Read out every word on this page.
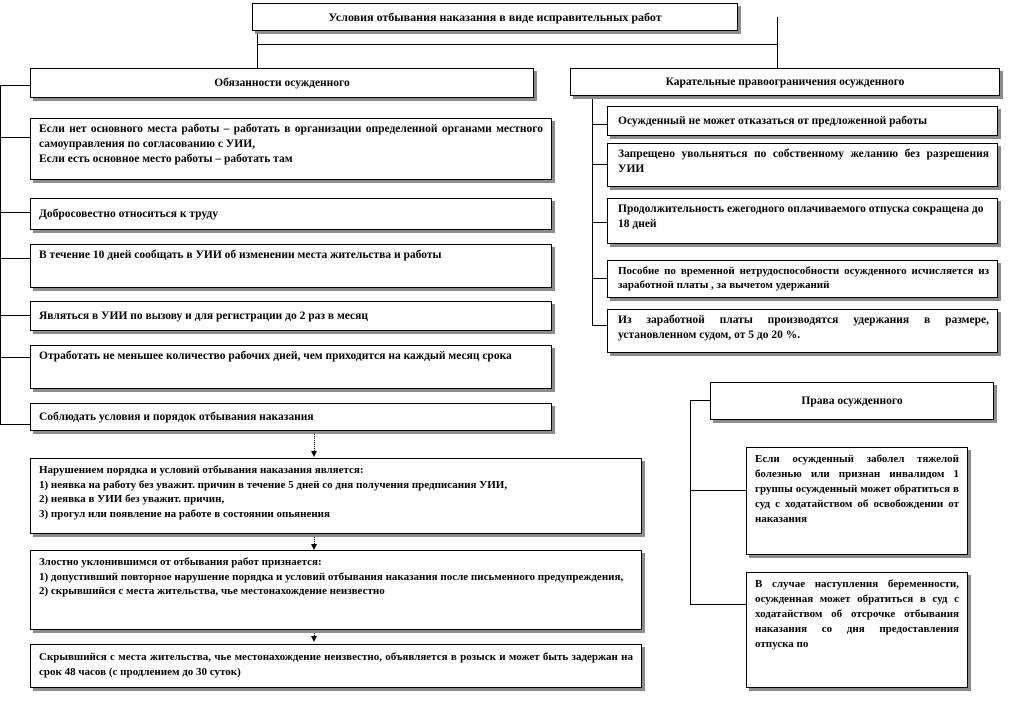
Условия отбывания наказания в виде исправительных работ
Обязанности осужденного

Если нет основного места работы – работать в организации определенной органами местного самоуправления по согласованию с УИИ,

Если есть основное место работы – работать там

Добросовестно относиться к труду

В течение 10 дней сообщать в УИИ об изменении места жительства и работы

Являться в УИИ по вызову и для регистрации до 2 раз в месяц

Отработать не меньшее количество рабочих дней, чем приходится на каждый месяц срока

Соблюдать условия и порядок отбывания наказания

Карательные правоограничения осужденного

Осужденный не может отказаться от предложенной работы

Запрещено увольняться по собственному желанию без разрешения УИИ

Продолжительность ежегодного оплачиваемого отпуска сокращена до 18 дней

Пособие по временной нетрудоспособности осужденного исчисляется из заработной платы , за вычетом удержаний

Из заработной платы производятся удержания в размере, установленном судом, от 5 до 20 %.

Нарушением порядка и условий отбывания наказания является:

1) неявка на работу без уважит. причин в течение 5 дней со дня получения предписания УИИ,

2) неявка в УИИ без уважит. причин,

3) прогул или появление на работе в состоянии опьянения

Злостно уклонившимся от отбывания работ признается:

1) допустивший повторное нарушение порядка и условий отбывания наказания после письменного предупреждения,

2) скрывшийся с места жительства, чье местонахождение неизвестно

Скрывшийся с места жительства, чье местонахождение неизвестно, объявляется в розыск и может быть задержан на срок 48 часов (с продлением до 30 суток)

Права осужденного

Если осужденный заболел тяжелой болезнью или признан инвалидом 1 группы осужденный может обратиться в суд с ходатайством об освобождении от наказания

В случае наступления беременности, осужденная может обратиться в суд с ходатайством об отсрочке отбывания наказания со дня предоставления отпуска по
